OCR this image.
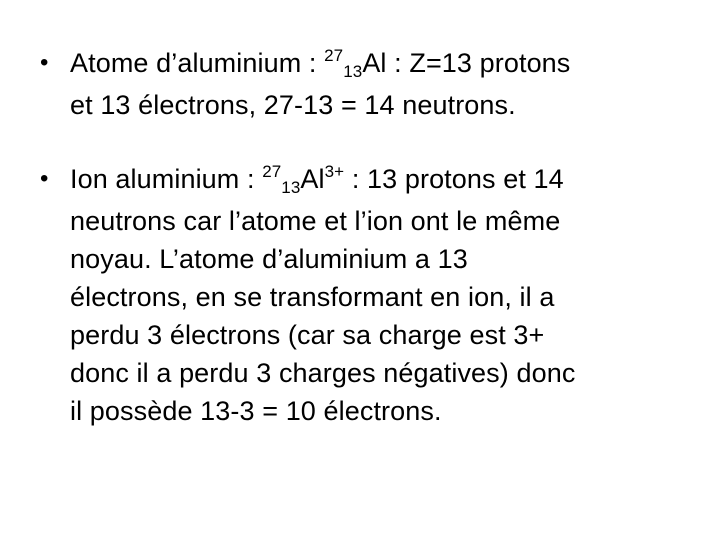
• Atome d’aluminium : $^{27}$13Al : Z=13 protons
et 13 électrons, 27-13 = 14 neutrons.
• Ion aluminium : $^{27}13Al^{3+}$ : 13 protons et 14
neutrons car l’atome et l’ion ont le même
noyau. L’atome d’aluminium a 13
électrons, en se transformant en ion, il a
perdu 3 électrons (car sa charge est 3+
donc il a perdu 3 charges négatives) donc
il possède 13-3 = 10 électrons.
